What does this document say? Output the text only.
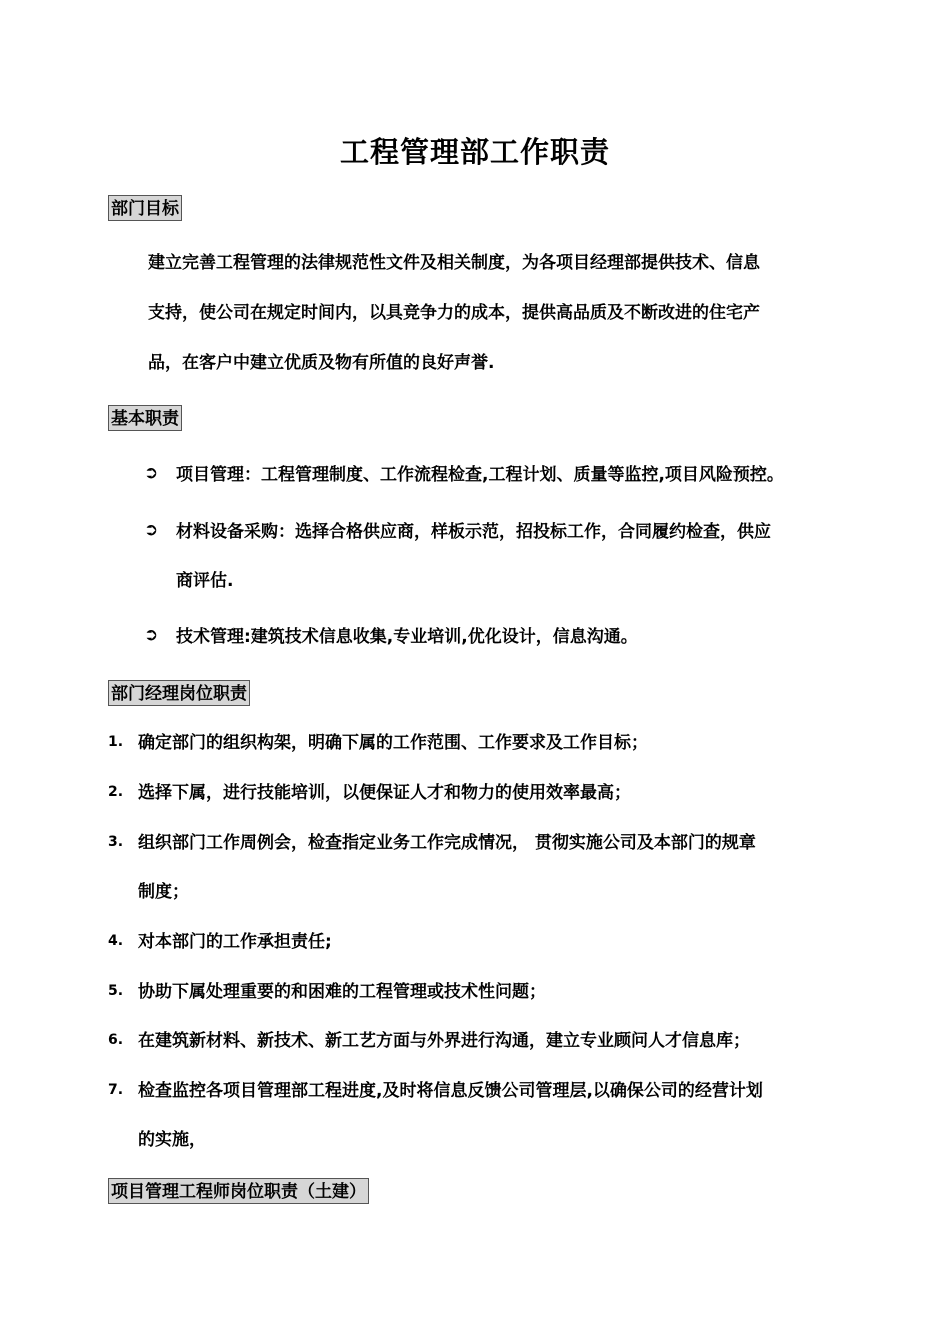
工程管理部工作职责
部门目标
建立完善工程管理的法律规范性文件及相关制度，为各项目经理部提供技术、信息
支持，使公司在规定时间内，以具竞争力的成本，提供高品质及不断改进的住宅产
品，在客户中建立优质及物有所值的良好声誉.
基本职责
➲ 项目管理：工程管理制度、工作流程检查,工程计划、质量等监控,项目风险预控。
➲ 材料设备采购：选择合格供应商，样板示范，招投标工作，合同履约检查，供应
商评估.
➲ 技术管理:建筑技术信息收集,专业培训,优化设计，信息沟通。
部门经理岗位职责
1. 确定部门的组织构架，明确下属的工作范围、工作要求及工作目标；
2. 选择下属，进行技能培训，以便保证人才和物力的使用效率最高；
3. 组织部门工作周例会，检查指定业务工作完成情况， 贯彻实施公司及本部门的规章
制度；
4. 对本部门的工作承担责任;
5. 协助下属处理重要的和困难的工程管理或技术性问题；
6. 在建筑新材料、新技术、新工艺方面与外界进行沟通，建立专业顾问人才信息库；
7. 检查监控各项目管理部工程进度,及时将信息反馈公司管理层,以确保公司的经营计划
的实施，
项目管理工程师岗位职责（土建）
